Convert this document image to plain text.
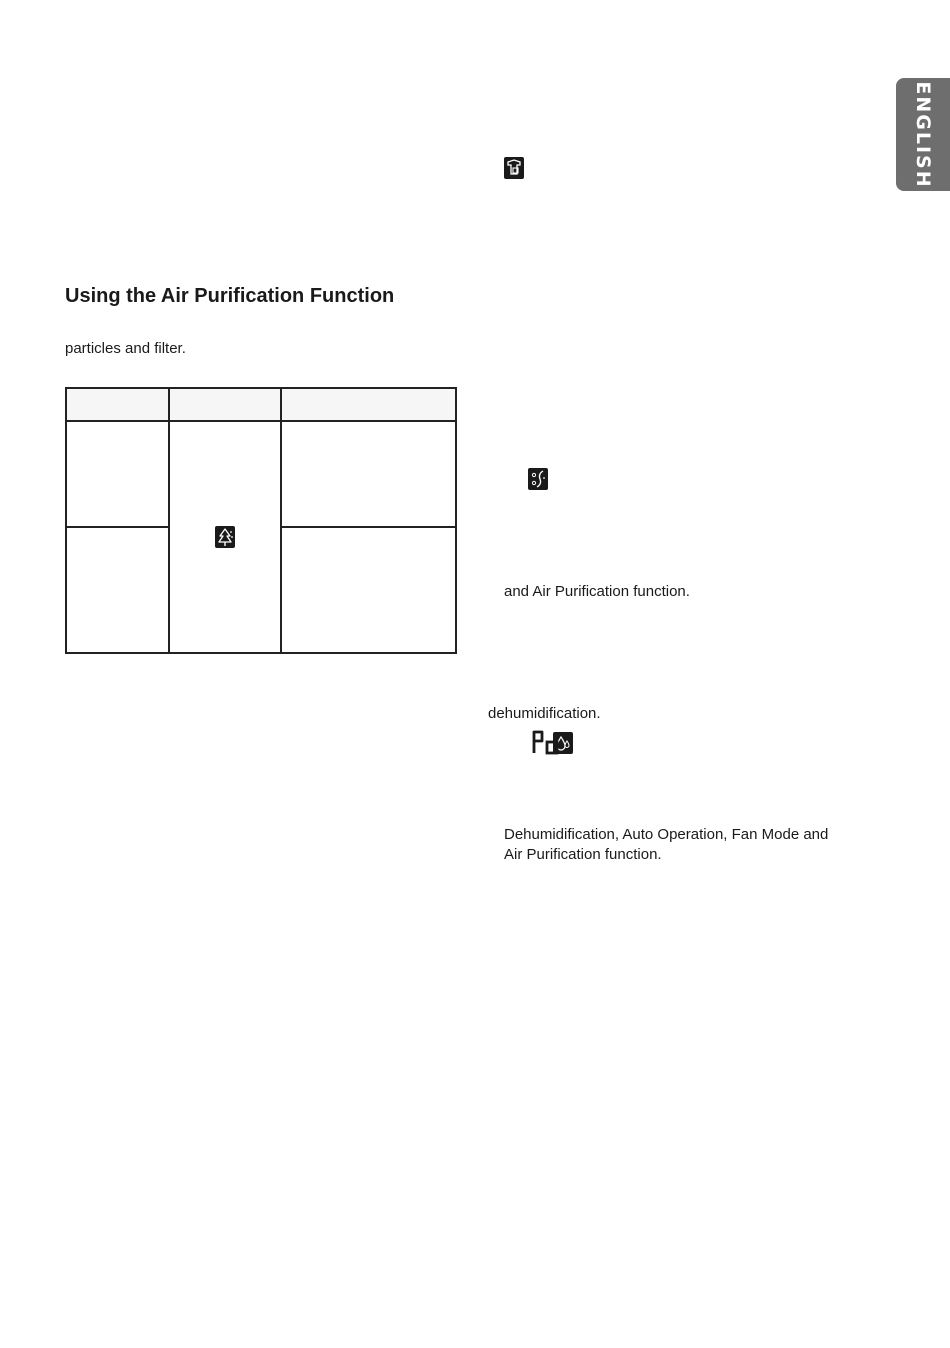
ENGLISH

Using the Air Purification Function
particles and filter.

and Air Purification function.
dehumidification.
Dehumidification, Auto Operation, Fan Mode and
Air Purification function.
